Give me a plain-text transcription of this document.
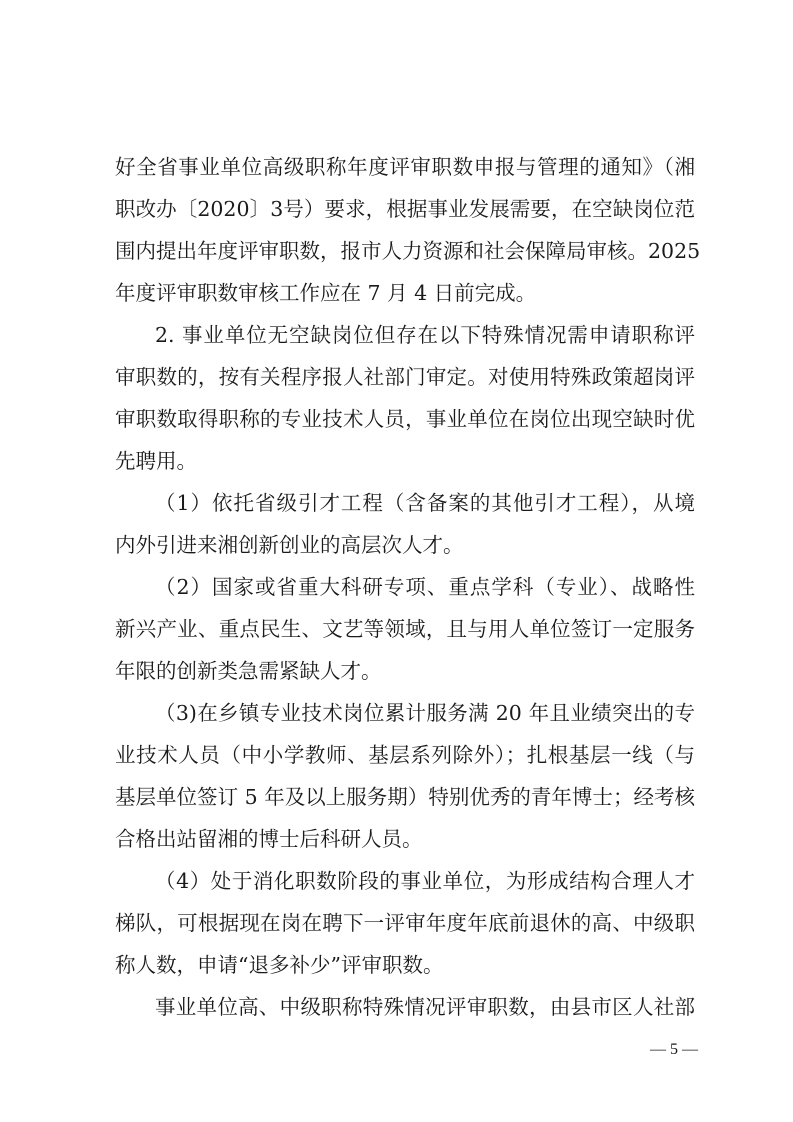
好全省事业单位高级职称年度评审职数申报与管理的通知》（湘
职改办〔2020〕3号）要求，根据事业发展需要，在空缺岗位范
围内提出年度评审职数，报市人力资源和社会保障局审核。2025
年度评审职数审核工作应在 7 月 4 日前完成。
2. 事业单位无空缺岗位但存在以下特殊情况需申请职称评
审职数的，按有关程序报人社部门审定。对使用特殊政策超岗评
审职数取得职称的专业技术人员，事业单位在岗位出现空缺时优
先聘用。
（1）依托省级引才工程（含备案的其他引才工程），从境
内外引进来湘创新创业的高层次人才。
（2）国家或省重大科研专项、重点学科（专业）、战略性
新兴产业、重点民生、文艺等领域，且与用人单位签订一定服务
年限的创新类急需紧缺人才。
（3)在乡镇专业技术岗位累计服务满 20 年且业绩突出的专
业技术人员（中小学教师、基层系列除外）；扎根基层一线（与
基层单位签订 5 年及以上服务期）特别优秀的青年博士；经考核
合格出站留湘的博士后科研人员。
（4）处于消化职数阶段的事业单位，为形成结构合理人才
梯队，可根据现在岗在聘下一评审年度年底前退休的高、中级职
称人数，申请“退多补少”评审职数。
事业单位高、中级职称特殊情况评审职数，由县市区人社部
— 5 —
